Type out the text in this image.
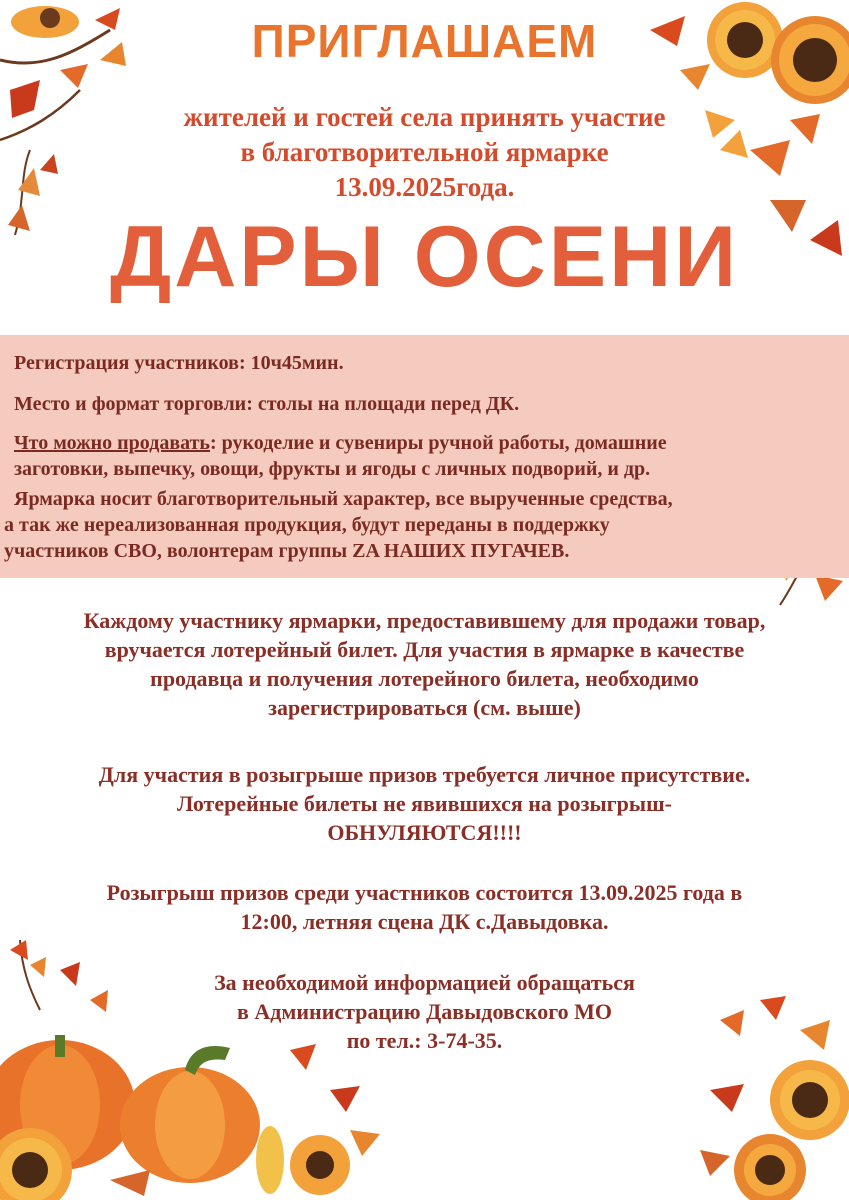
ПРИГЛАШАЕМ
жителей и гостей села принять участие
в благотворительной ярмарке
13.09.2025года.
ДАРЫ ОСЕНИ
Регистрация участников: 10ч45мин.
Место и формат торговли: столы на площади перед ДК.
Что можно продавать: рукоделие и сувениры ручной работы, домашние
заготовки, выпечку, овощи, фрукты и ягоды с личных подворий, и др.
Ярмарка носит благотворительный характер, все вырученные средства,
а так же нереализованная продукция, будут переданы в поддержку
участников СВО, волонтерам группы ZA НАШИХ ПУГАЧЕВ.
Каждому участнику ярмарки, предоставившему для продажи товар,
вручается лотерейный билет. Для участия в ярмарке в качестве
продавца и получения лотерейного билета, необходимо
зарегистрироваться (см. выше)
Для участия в розыгрыше призов требуется личное присутствие.
Лотерейные билеты не явившихся на розыгрыш-
ОБНУЛЯЮТСЯ!!!!
Розыгрыш призов среди участников состоится 13.09.2025 года в
12:00, летняя сцена ДК с.Давыдовка.
За необходимой информацией обращаться
в Администрацию Давыдовского МО
по тел.: 3-74-35.
